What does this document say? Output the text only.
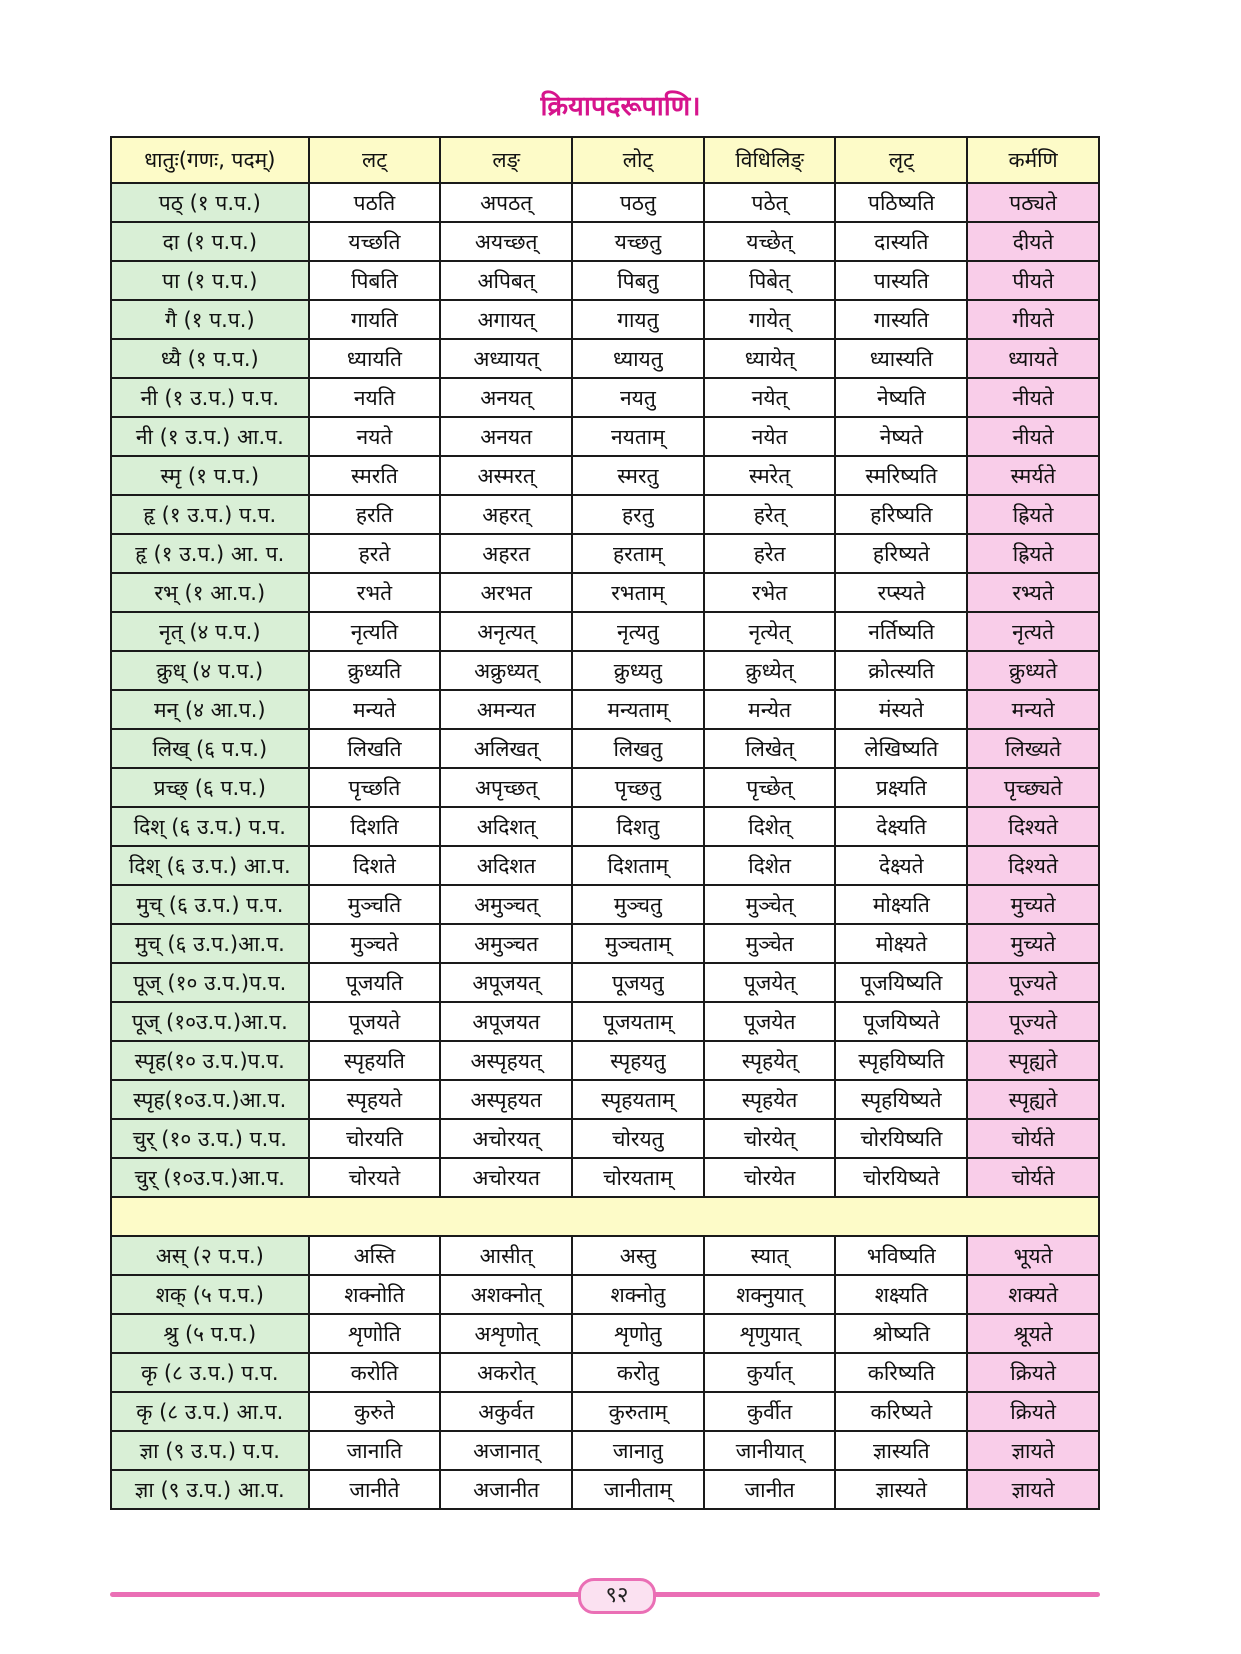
क्रियापदरूपाणि।
धातुः(गणः, पदम्)	लट्	लङ्	लोट्	विधिलिङ्	लृट्	कर्मणि
पठ् (१ प.प.)	पठति	अपठत्	पठतु	पठेत्	पठिष्यति	पठ्यते
दा (१ प.प.)	यच्छति	अयच्छत्	यच्छतु	यच्छेत्	दास्यति	दीयते
पा (१ प.प.)	पिबति	अपिबत्	पिबतु	पिबेत्	पास्यति	पीयते
गै (१ प.प.)	गायति	अगायत्	गायतु	गायेत्	गास्यति	गीयते
ध्यै (१ प.प.)	ध्यायति	अध्यायत्	ध्यायतु	ध्यायेत्	ध्यास्यति	ध्यायते
नी (१ उ.प.) प.प.	नयति	अनयत्	नयतु	नयेत्	नेष्यति	नीयते
नी (१ उ.प.) आ.प.	नयते	अनयत	नयताम्	नयेत	नेष्यते	नीयते
स्मृ (१ प.प.)	स्मरति	अस्मरत्	स्मरतु	स्मरेत्	स्मरिष्यति	स्मर्यते
हृ (१ उ.प.) प.प.	हरति	अहरत्	हरतु	हरेत्	हरिष्यति	ह्रियते
हृ (१ उ.प.) आ. प.	हरते	अहरत	हरताम्	हरेत	हरिष्यते	ह्रियते
रभ् (१ आ.प.)	रभते	अरभत	रभताम्	रभेत	रप्स्यते	रभ्यते
नृत् (४ प.प.)	नृत्यति	अनृत्यत्	नृत्यतु	नृत्येत्	नर्तिष्यति	नृत्यते
क्रुध् (४ प.प.)	क्रुध्यति	अक्रुध्यत्	क्रुध्यतु	क्रुध्येत्	क्रोत्स्यति	क्रुध्यते
मन् (४ आ.प.)	मन्यते	अमन्यत	मन्यताम्	मन्येत	मंस्यते	मन्यते
लिख् (६ प.प.)	लिखति	अलिखत्	लिखतु	लिखेत्	लेखिष्यति	लिख्यते
प्रच्छ् (६ प.प.)	पृच्छति	अपृच्छत्	पृच्छतु	पृच्छेत्	प्रक्ष्यति	पृच्छ्यते
दिश् (६ उ.प.) प.प.	दिशति	अदिशत्	दिशतु	दिशेत्	देक्ष्यति	दिश्यते
दिश् (६ उ.प.) आ.प.	दिशते	अदिशत	दिशताम्	दिशेत	देक्ष्यते	दिश्यते
मुच् (६ उ.प.) प.प.	मुञ्चति	अमुञ्चत्	मुञ्चतु	मुञ्चेत्	मोक्ष्यति	मुच्यते
मुच् (६ उ.प.)आ.प.	मुञ्चते	अमुञ्चत	मुञ्चताम्	मुञ्चेत	मोक्ष्यते	मुच्यते
पूज् (१० उ.प.)प.प.	पूजयति	अपूजयत्	पूजयतु	पूजयेत्	पूजयिष्यति	पूज्यते
पूज् (१०उ.प.)आ.प.	पूजयते	अपूजयत	पूजयताम्	पूजयेत	पूजयिष्यते	पूज्यते
स्पृह(१० उ.प.)प.प.	स्पृहयति	अस्पृहयत्	स्पृहयतु	स्पृहयेत्	स्पृहयिष्यति	स्पृह्यते
स्पृह(१०उ.प.)आ.प.	स्पृहयते	अस्पृहयत	स्पृहयताम्	स्पृहयेत	स्पृहयिष्यते	स्पृह्यते
चुर् (१० उ.प.) प.प.	चोरयति	अचोरयत्	चोरयतु	चोरयेत्	चोरयिष्यति	चोर्यते
चुर् (१०उ.प.)आ.प.	चोरयते	अचोरयत	चोरयताम्	चोरयेत	चोरयिष्यते	चोर्यते

अस् (२ प.प.)	अस्ति	आसीत्	अस्तु	स्यात्	भविष्यति	भूयते
शक् (५ प.प.)	शक्नोति	अशक्नोत्	शक्नोतु	शक्नुयात्	शक्ष्यति	शक्यते
श्रु (५ प.प.)	शृणोति	अशृणोत्	शृणोतु	शृणुयात्	श्रोष्यति	श्रूयते
कृ (८ उ.प.) प.प.	करोति	अकरोत्	करोतु	कुर्यात्	करिष्यति	क्रियते
कृ (८ उ.प.) आ.प.	कुरुते	अकुर्वत	कुरुताम्	कुर्वीत	करिष्यते	क्रियते
ज्ञा (९ उ.प.) प.प.	जानाति	अजानात्	जानातु	जानीयात्	ज्ञास्यति	ज्ञायते
ज्ञा (९ उ.प.) आ.प.	जानीते	अजानीत	जानीताम्	जानीत	ज्ञास्यते	ज्ञायते
९२
